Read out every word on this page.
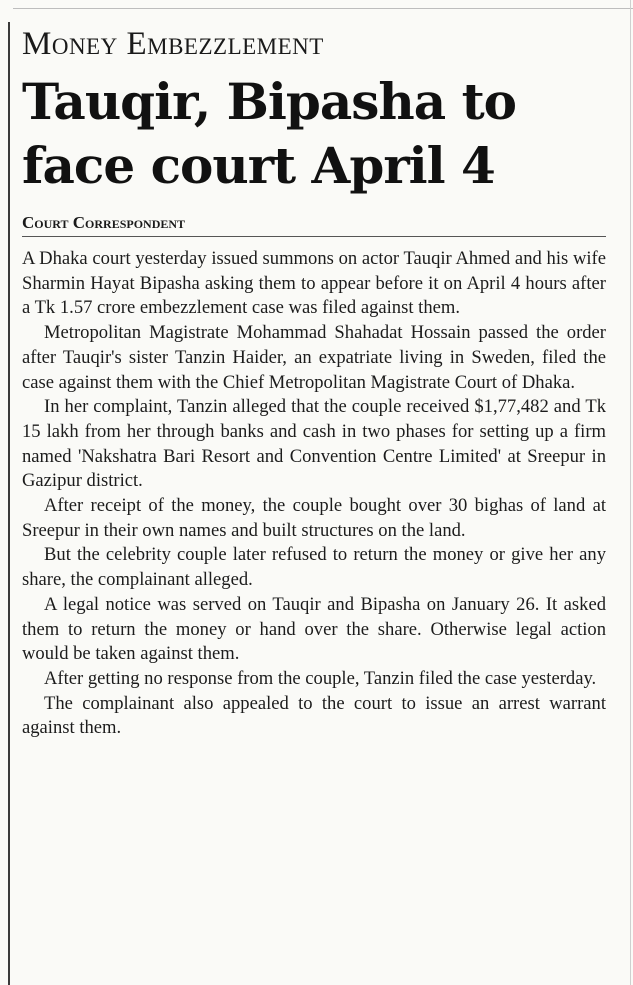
Money Embezzlement
Tauqir, Bipasha to face court April 4
Court Correspondent

A Dhaka court yesterday issued summons on actor Tauqir Ahmed and his wife Sharmin Hayat Bipasha asking them to appear before it on April 4 hours after a Tk 1.57 crore embezzlement case was filed against them.

Metropolitan Magistrate Mohammad Shahadat Hossain passed the order after Tauqir's sister Tanzin Haider, an expatriate living in Sweden, filed the case against them with the Chief Metropolitan Magistrate Court of Dhaka.

In her complaint, Tanzin alleged that the couple received $1,77,482 and Tk 15 lakh from her through banks and cash in two phases for setting up a firm named 'Nakshatra Bari Resort and Convention Centre Limited' at Sreepur in Gazipur district.

After receipt of the money, the couple bought over 30 bighas of land at Sreepur in their own names and built structures on the land.

But the celebrity couple later refused to return the money or give her any share, the complainant alleged.

A legal notice was served on Tauqir and Bipasha on January 26. It asked them to return the money or hand over the share. Otherwise legal action would be taken against them.

After getting no response from the couple, Tanzin filed the case yesterday.

The complainant also appealed to the court to issue an arrest warrant against them.
